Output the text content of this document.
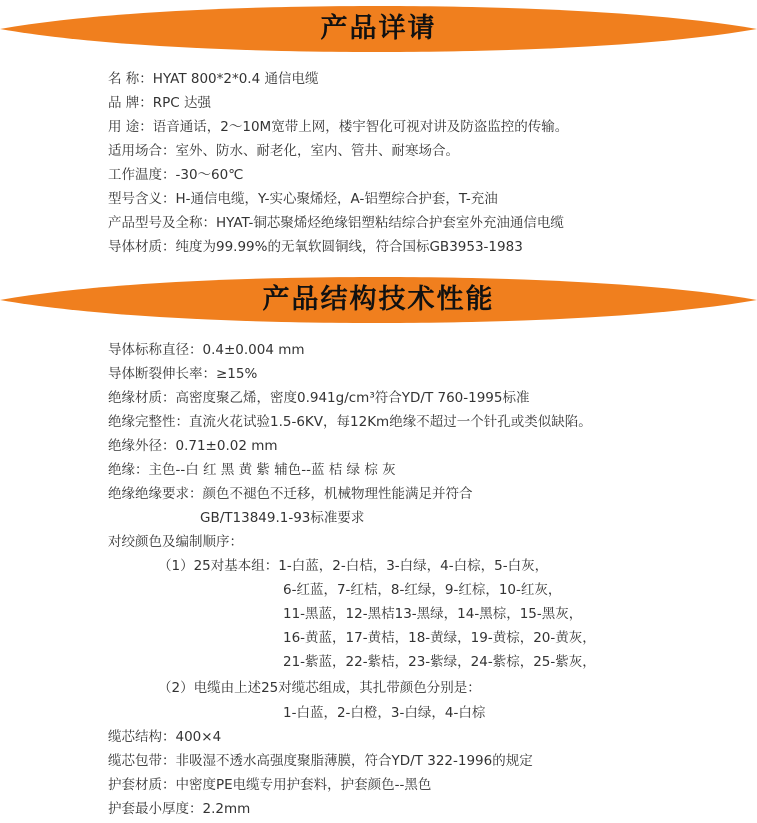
产品详请
名 称：HYAT 800*2*0.4 通信电缆
品 牌：RPC 达强
用 途：语音通话，2～10M宽带上网，楼宇智化可视对讲及防盗监控的传输。
适用场合：室外、防水、耐老化，室内、管井、耐寒场合。
工作温度：-30～60℃
型号含义：H-通信电缆，Y-实心聚烯烃，A-铝塑综合护套，T-充油
产品型号及全称：HYAT-铜芯聚烯烃绝缘铝塑粘结综合护套室外充油通信电缆
导体材质：纯度为99.99%的无氧软圆铜线，符合国标GB3953-1983
产品结构技术性能
导体标称直径：0.4±0.004 mm
导体断裂伸长率：≥15%
绝缘材质：高密度聚乙烯，密度0.941g/cm³符合YD/T 760-1995标准
绝缘完整性：直流火花试验1.5-6KV，每12Km绝缘不超过一个针孔或类似缺陷。
绝缘外径：0.71±0.02 mm
绝缘：主色--白 红 黑 黄 紫 辅色--蓝 桔 绿 棕 灰
绝缘绝缘要求：颜色不褪色不迁移，机械物理性能满足并符合
GB/T13849.1-93标准要求
对绞颜色及编制顺序：
（1）25对基本组：1-白蓝，2-白桔，3-白绿，4-白棕，5-白灰，
6-红蓝，7-红桔，8-红绿，9-红棕，10-红灰，
11-黑蓝，12-黑桔13-黑绿，14-黑棕，15-黑灰，
16-黄蓝，17-黄桔，18-黄绿，19-黄棕，20-黄灰，
21-紫蓝，22-紫桔，23-紫绿，24-紫棕，25-紫灰，
（2）电缆由上述25对缆芯组成，其扎带颜色分别是：
1-白蓝，2-白橙，3-白绿，4-白棕
缆芯结构：400×4
缆芯包带：非吸湿不透水高强度聚脂薄膜，符合YD/T 322-1996的规定
护套材质：中密度PE电缆专用护套料，护套颜色--黑色
护套最小厚度：2.2mm
